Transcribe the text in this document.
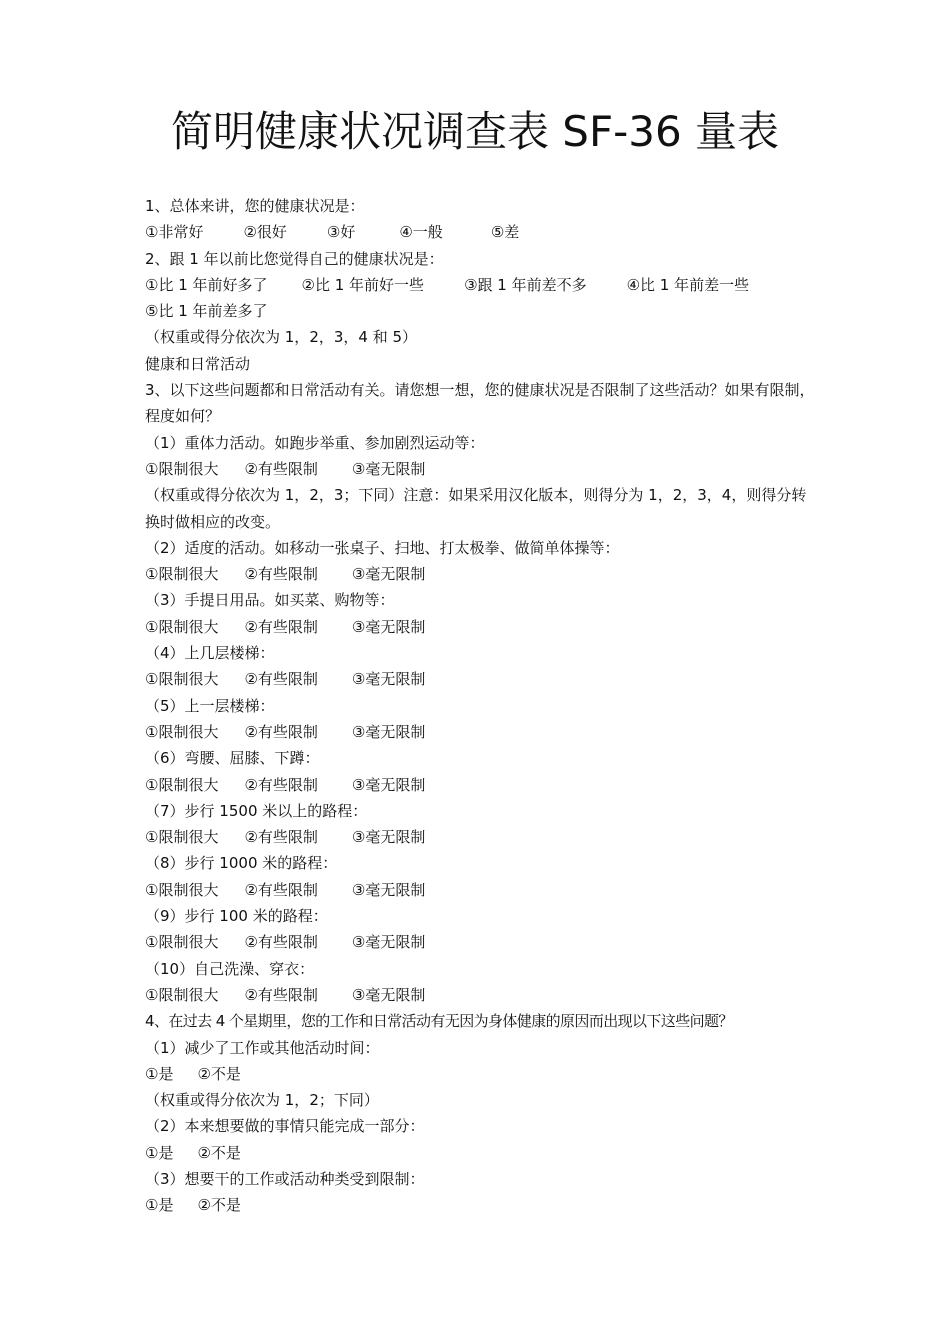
简明健康状况调查表 SF-36 量表
1、总体来讲，您的健康状况是：
①非常好	②很好	③好	④一般	⑤差
2、跟 1 年以前比您觉得自己的健康状况是：
①比 1 年前好多了 ②比 1 年前好一些	③跟 1 年前差不多	④比 1 年前差一些
⑤比 1 年前差多了
（权重或得分依次为 1，2，3，4 和 5）
健康和日常活动
3、以下这些问题都和日常活动有关。请您想一想，您的健康状况是否限制了这些活动？如果有限制，程度如何？
（1）重体力活动。如跑步举重、参加剧烈运动等：
①限制很大 ②有些限制 ③毫无限制
（权重或得分依次为 1，2，3；下同）注意：如果采用汉化版本，则得分为 1，2，3，4，则得分转换时做相应的改变。
（2）适度的活动。如移动一张桌子、扫地、打太极拳、做简单体操等：
①限制很大 ②有些限制 ③毫无限制
（3）手提日用品。如买菜、购物等：
①限制很大 ②有些限制 ③毫无限制
（4）上几层楼梯：
①限制很大 ②有些限制 ③毫无限制
（5）上一层楼梯：
①限制很大 ②有些限制 ③毫无限制
（6）弯腰、屈膝、下蹲：
①限制很大 ②有些限制 ③毫无限制
（7）步行 1500 米以上的路程：
①限制很大 ②有些限制 ③毫无限制
（8）步行 1000 米的路程：
①限制很大 ②有些限制 ③毫无限制
（9）步行 100 米的路程：
①限制很大 ②有些限制 ③毫无限制
（10）自己洗澡、穿衣：
①限制很大 ②有些限制 ③毫无限制
4、在过去 4 个星期里，您的工作和日常活动有无因为身体健康的原因而出现以下这些问题？
（1）减少了工作或其他活动时间：
①是 ②不是
（权重或得分依次为 1，2；下同）
（2）本来想要做的事情只能完成一部分：
①是 ②不是
（3）想要干的工作或活动种类受到限制：
①是 ②不是
